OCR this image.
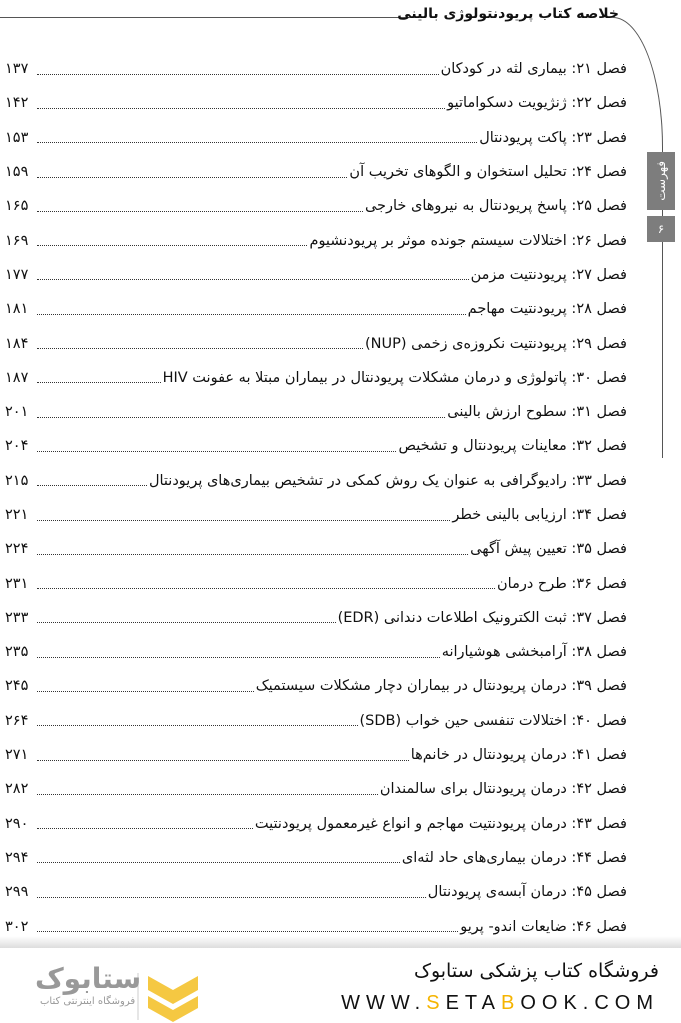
خلاصه کتاب پریودنتولوژی بالینی
فهرست
۶
فصل ۲۱: بیماری لثه در کودکان
۱۳۷
فصل ۲۲: ژنژیویت دسکواماتیو
۱۴۲
فصل ۲۳: پاکت پریودنتال
۱۵۳
فصل ۲۴: تحلیل استخوان و الگوهای تخریب آن
۱۵۹
فصل ۲۵: پاسخ پریودنتال به نیروهای خارجی
۱۶۵
فصل ۲۶: اختلالات سیستم جونده موثر بر پریودنشیوم
۱۶۹
فصل ۲۷: پریودنتیت مزمن
۱۷۷
فصل ۲۸: پریودنتیت مهاجم
۱۸۱
فصل ۲۹: پریودنتیت نکروزه‌ی زخمی (NUP)
۱۸۴
فصل ۳۰: پاتولوژی و درمان مشکلات پریودنتال در بیماران مبتلا به عفونت HIV
۱۸۷
فصل ۳۱: سطوح ارزش بالینی
۲۰۱
فصل ۳۲: معاینات پریودنتال و تشخیص
۲۰۴
فصل ۳۳: رادیوگرافی به عنوان یک روش کمکی در تشخیص بیماری‌های پریودنتال
۲۱۵
فصل ۳۴: ارزیابی بالینی خطر
۲۲۱
فصل ۳۵: تعیین پیش آگهی
۲۲۴
فصل ۳۶: طرح درمان
۲۳۱
فصل ۳۷: ثبت الکترونیک اطلاعات دندانی (EDR)
۲۳۳
فصل ۳۸: آرامبخشی هوشیارانه
۲۳۵
فصل ۳۹: درمان پریودنتال در بیماران دچار مشکلات سیستمیک
۲۴۵
فصل ۴۰: اختلالات تنفسی حین خواب (SDB)
۲۶۴
فصل ۴۱: درمان پریودنتال در خانم‌ها
۲۷۱
فصل ۴۲: درمان پریودنتال برای سالمندان
۲۸۲
فصل ۴۳: درمان پریودنتیت مهاجم و انواع غیرمعمول پریودنتیت
۲۹۰
فصل ۴۴: درمان بیماری‌های حاد لثه‌ای
۲۹۴
فصل ۴۵: درمان آبسه‌ی پریودنتال
۲۹۹
فصل ۴۶: ضایعات اندو- پریو
۳۰۲
ستابوک
فروشگاه اینترنتی کتاب
فروشگاه کتاب پزشکی ستابوک
WWW.SETABOOK.COM
